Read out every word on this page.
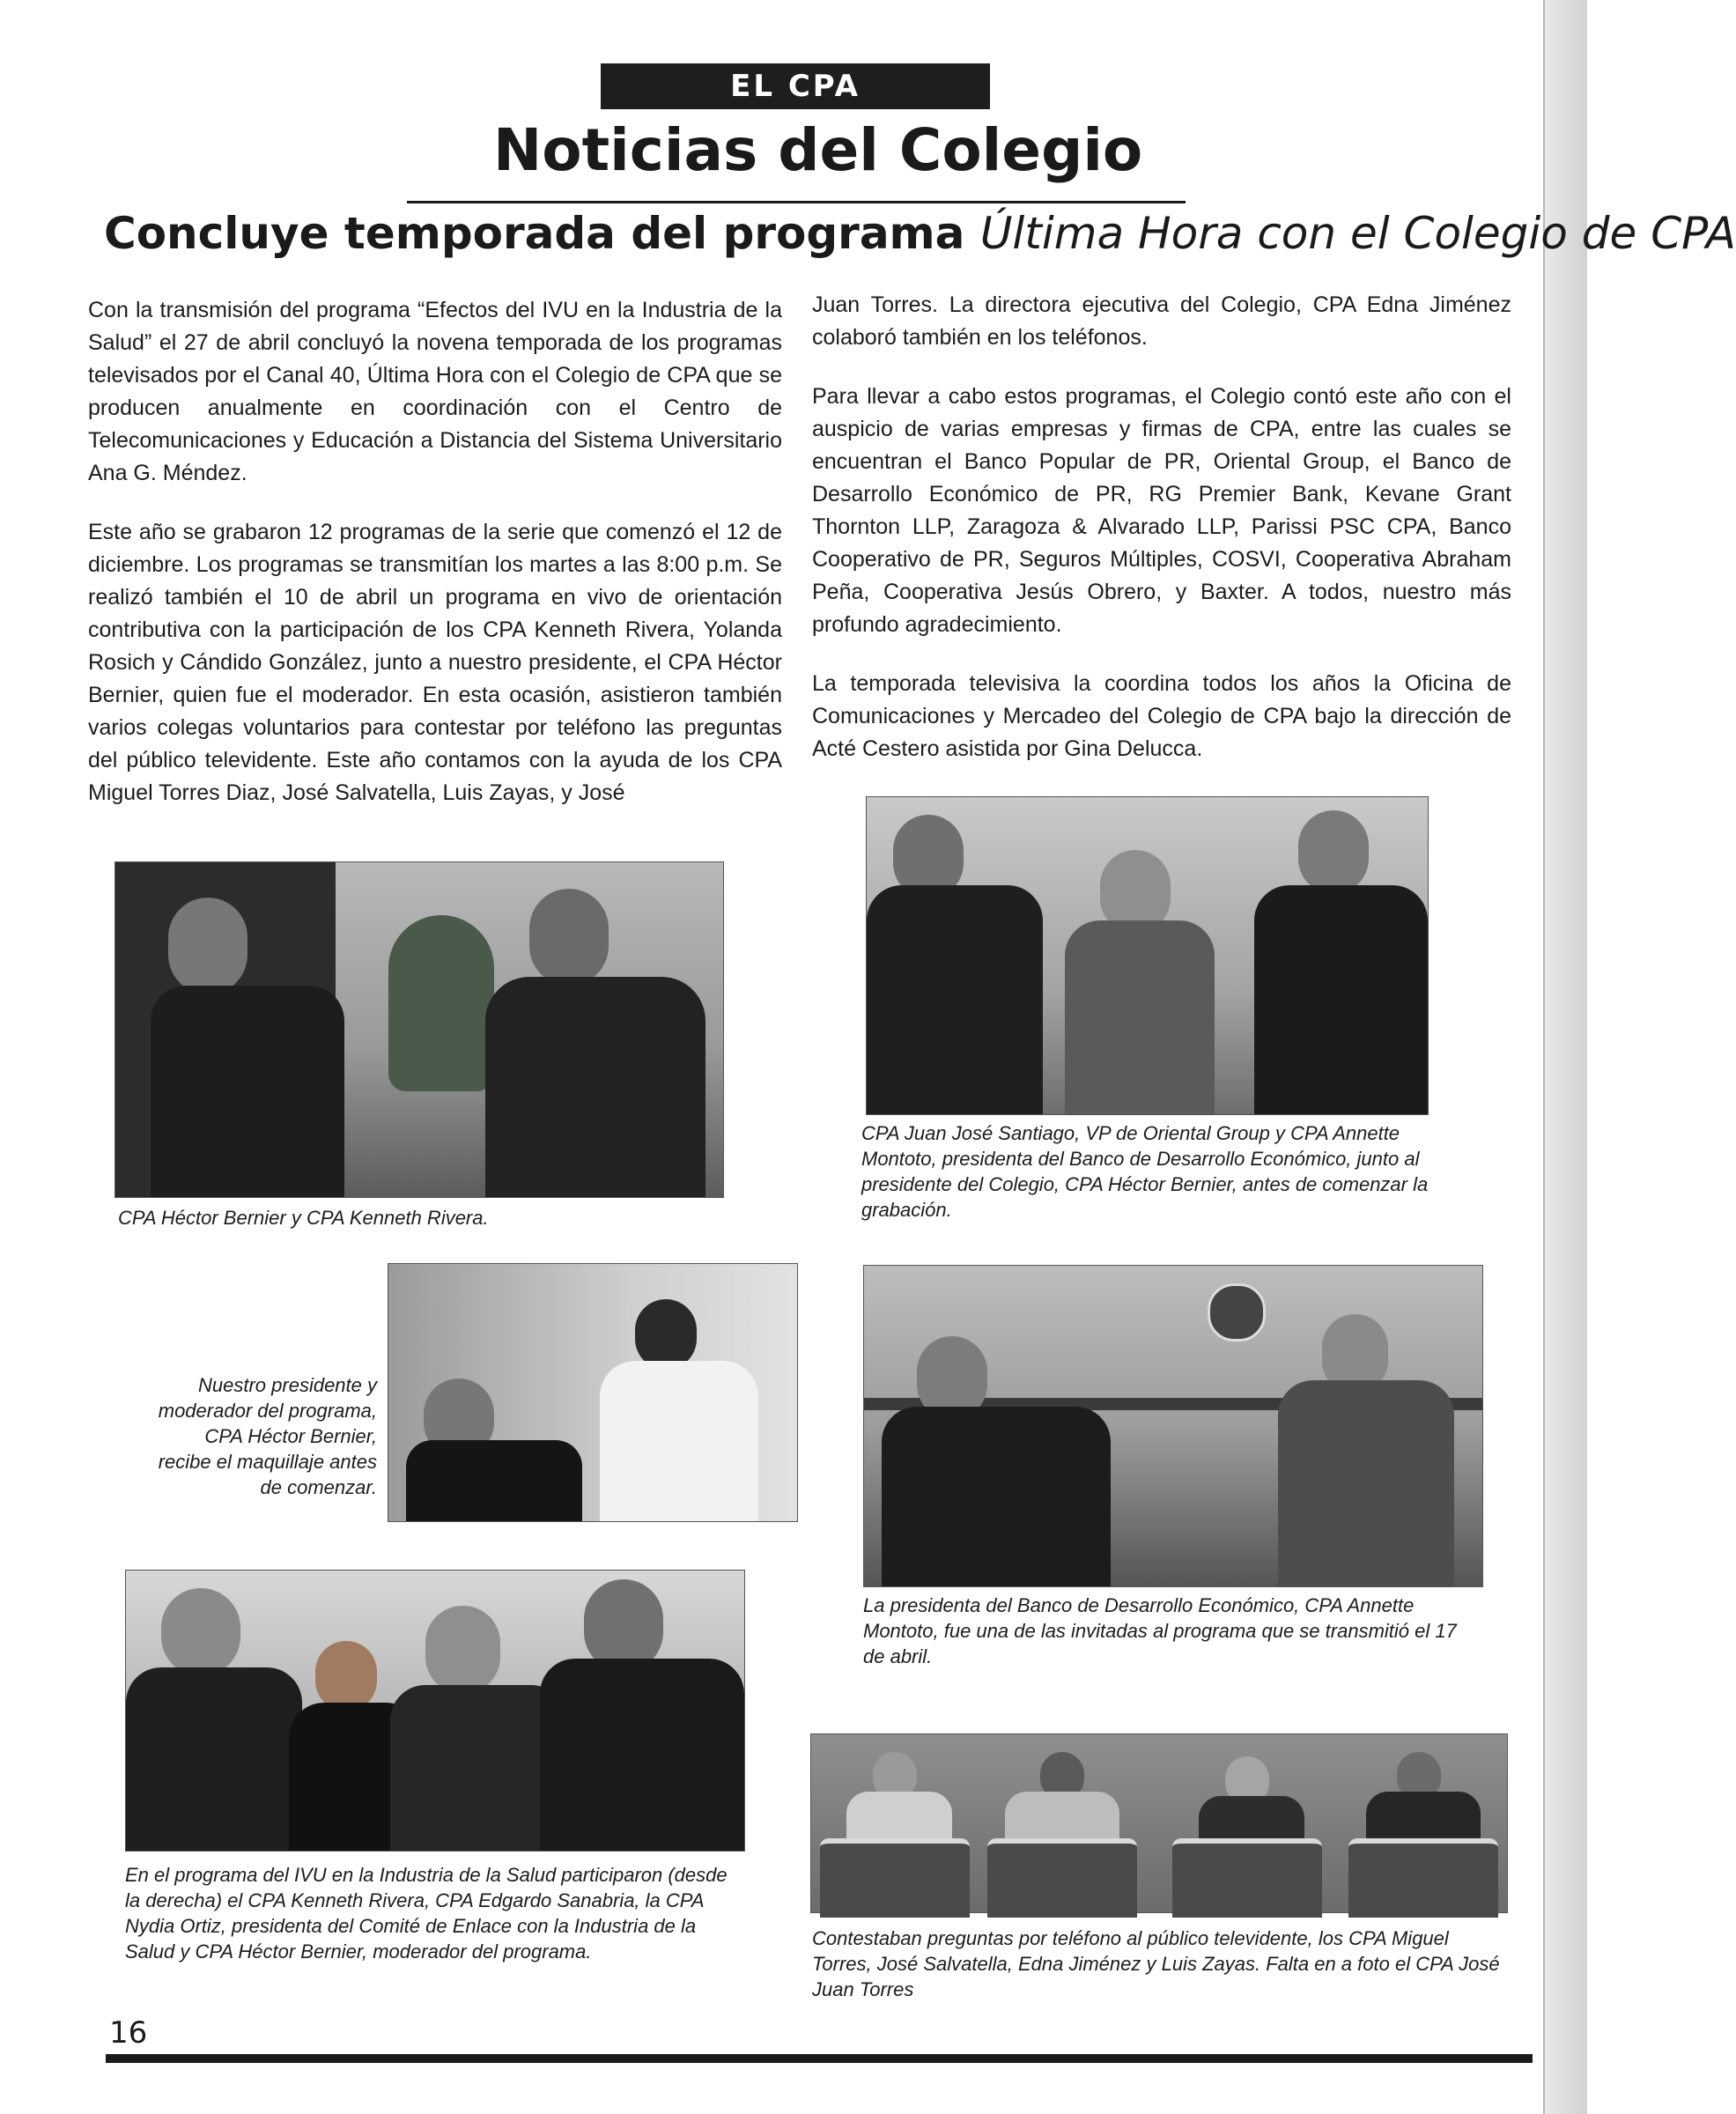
EL CPA
Noticias del Colegio
Concluye temporada del programa Última Hora con el Colegio de CPA

Con la transmisión del programa “Efectos del IVU en la Industria de la Salud” el 27 de abril concluyó la novena temporada de los programas televisados por el Canal 40, Última Hora con el Colegio de CPA que se producen anualmente en coordinación con el Centro de Telecomunicaciones y Educación a Distancia del Sistema Universitario Ana G. Méndez.

Este año se grabaron 12 programas de la serie que comenzó el 12 de diciembre. Los programas se transmitían los martes a las 8:00 p.m. Se realizó también el 10 de abril un programa en vivo de orientación contributiva con la participación de los CPA Kenneth Rivera, Yolanda Rosich y Cándido González, junto a nuestro presidente, el CPA Héctor Bernier, quien fue el moderador. En esta ocasión, asistieron también varios colegas voluntarios para contestar por teléfono las preguntas del público televidente. Este año contamos con la ayuda de los CPA Miguel Torres Diaz, José Salvatella, Luis Zayas, y José

Juan Torres. La directora ejecutiva del Colegio, CPA Edna Jiménez colaboró también en los teléfonos.

Para llevar a cabo estos programas, el Colegio contó este año con el auspicio de varias empresas y firmas de CPA, entre las cuales se encuentran el Banco Popular de PR, Oriental Group, el Banco de Desarrollo Económico de PR, RG Premier Bank, Kevane Grant Thornton LLP, Zaragoza & Alvarado LLP, Parissi PSC CPA, Banco Cooperativo de PR, Seguros Múltiples, COSVI, Cooperativa Abraham Peña, Cooperativa Jesús Obrero, y Baxter. A todos, nuestro más profundo agradecimiento.

La temporada televisiva la coordina todos los años la Oficina de Comunicaciones y Mercadeo del Colegio de CPA bajo la dirección de Acté Cestero asistida por Gina Delucca.

CPA Héctor Bernier y CPA Kenneth Rivera.
CPA Juan José Santiago, VP de Oriental Group y CPA Annette Montoto, presidenta del Banco de Desarrollo Económico, junto al presidente del Colegio, CPA Héctor Bernier, antes de comenzar la grabación.
Nuestro presidente y moderador del programa, CPA Héctor Bernier, recibe el maquillaje antes de comenzar.
La presidenta del Banco de Desarrollo Económico, CPA Annette Montoto, fue una de las invitadas al programa que se transmitió el 17 de abril.
En el programa del IVU en la Industria de la Salud participaron (desde la derecha) el CPA Kenneth Rivera, CPA Edgardo Sanabria, la CPA Nydia Ortiz, presidenta del Comité de Enlace con la Industria de la Salud y CPA Héctor Bernier, moderador del programa.
Contestaban preguntas por teléfono al público televidente, los CPA Miguel Torres, José Salvatella, Edna Jiménez y Luis Zayas. Falta en a foto el CPA José Juan Torres
16
